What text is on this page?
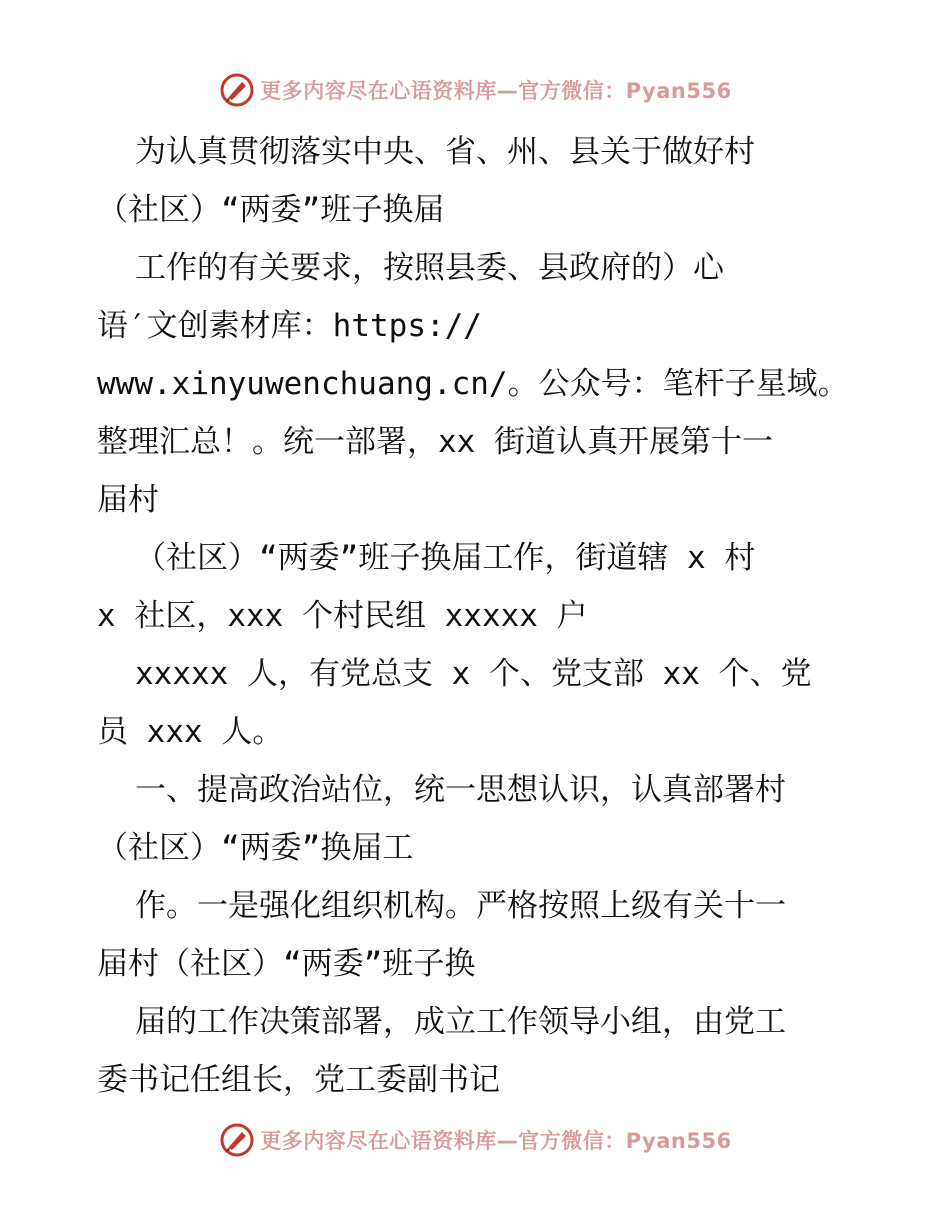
更多内容尽在心语资料库—官方微信：Pyan556
为认真贯彻落实中央、省、州、县关于做好村
（社区）“两委”班子换届
工作的有关要求，按照县委、县政府的）心
语′文创素材库：https://
www.xinyuwenchuang.cn/。公众号：笔杆子星域。
整理汇总！。统一部署，xx 街道认真开展第十一
届村
（社区）“两委”班子换届工作，街道辖 x 村
x 社区，xxx 个村民组 xxxxx 户
xxxxx 人，有党总支 x 个、党支部 xx 个、党
员 xxx 人。
一、提高政治站位，统一思想认识，认真部署村
（社区）“两委”换届工
作。一是强化组织机构。严格按照上级有关十一
届村（社区）“两委”班子换
届的工作决策部署，成立工作领导小组，由党工
委书记任组长，党工委副书记
更多内容尽在心语资料库—官方微信：Pyan556
